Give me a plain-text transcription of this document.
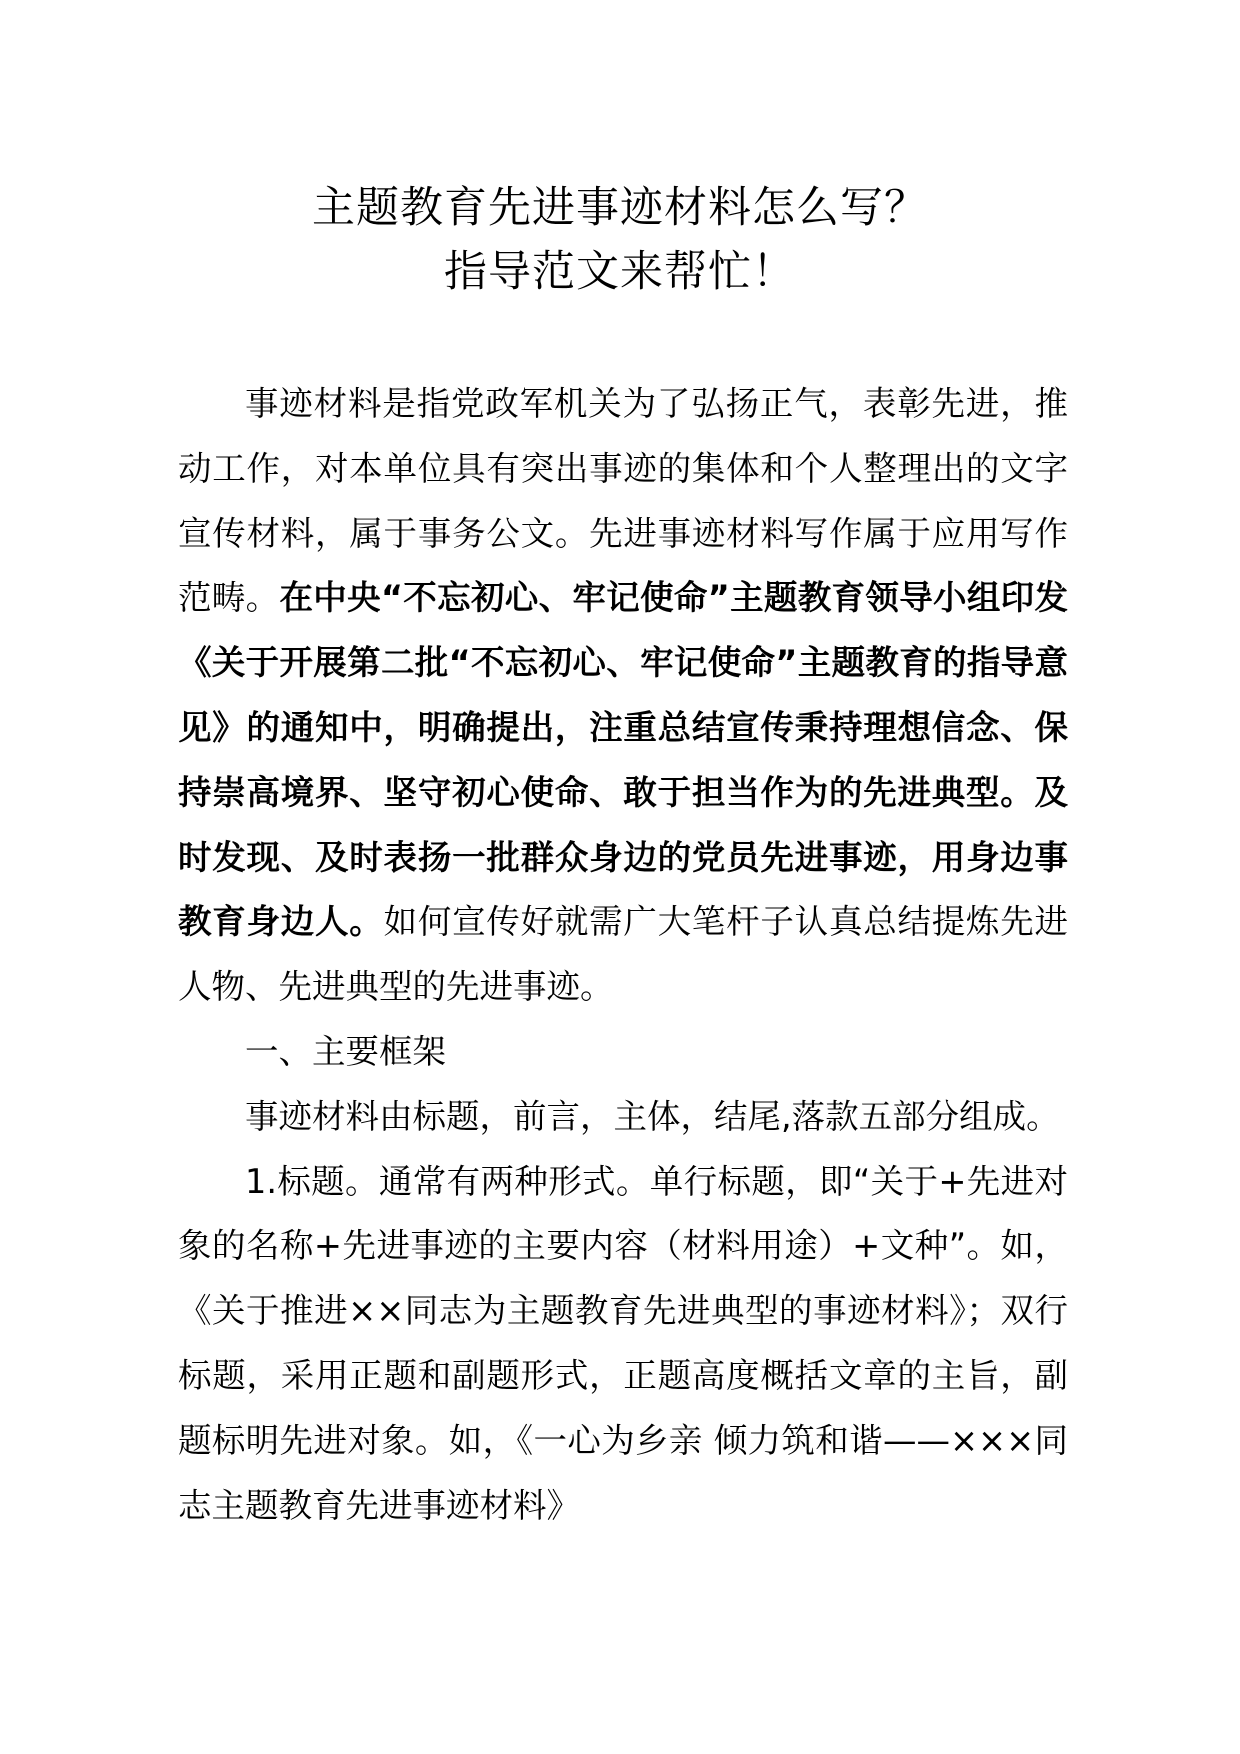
主题教育先进事迹材料怎么写？
指导范文来帮忙！

事迹材料是指党政军机关为了弘扬正气，表彰先进，推动工作，对本单位具有突出事迹的集体和个人整理出的文字宣传材料，属于事务公文。先进事迹材料写作属于应用写作范畴。在中央“不忘初心、牢记使命”主题教育领导小组印发《关于开展第二批“不忘初心、牢记使命”主题教育的指导意见》的通知中，明确提出，注重总结宣传秉持理想信念、保持崇高境界、坚守初心使命、敢于担当作为的先进典型。及时发现、及时表扬一批群众身边的党员先进事迹，用身边事教育身边人。如何宣传好就需广大笔杆子认真总结提炼先进人物、先进典型的先进事迹。

一、主要框架

事迹材料由标题，前言，主体，结尾,落款五部分组成。

1.标题。通常有两种形式。单行标题，即“关于+先进对象的名称+先进事迹的主要内容（材料用途）+文种”。如，《关于推进××同志为主题教育先进典型的事迹材料》；双行标题，采用正题和副题形式，正题高度概括文章的主旨，副题标明先进对象。如，《一心为乡亲 倾力筑和谐——×××同志主题教育先进事迹材料》
